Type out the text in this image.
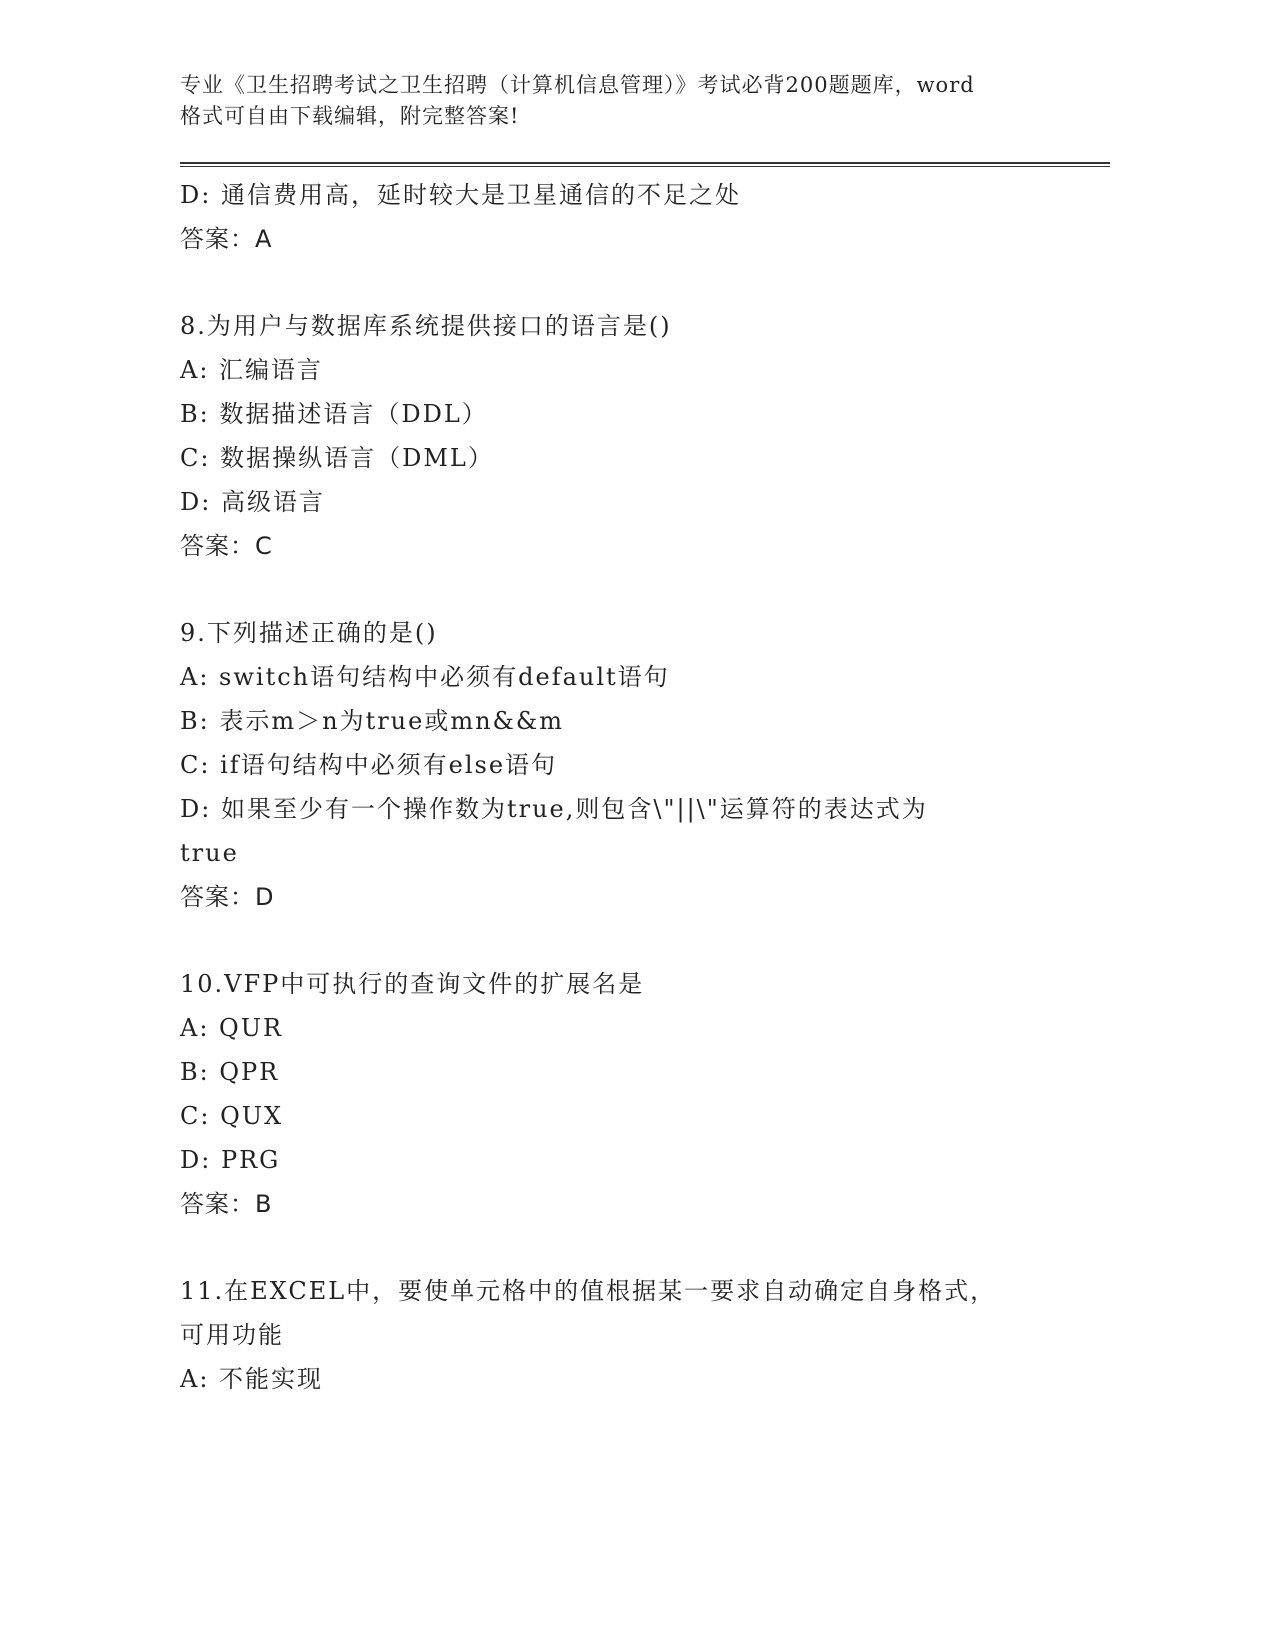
专业《卫生招聘考试之卫生招聘（计算机信息管理）》考试必背200题题库，word
格式可自由下载编辑，附完整答案!
D: 通信费用高，延时较大是卫星通信的不足之处
答案：A
8.为用户与数据库系统提供接口的语言是()
A: 汇编语言
B: 数据描述语言（DDL）
C: 数据操纵语言（DML）
D: 高级语言
答案：C
9.下列描述正确的是()
A: switch语句结构中必须有default语句
B: 表示m＞n为true或mn&&m
C: if语句结构中必须有else语句
D: 如果至少有一个操作数为true,则包含\"||\"运算符的表达式为
true
答案：D
10.VFP中可执行的查询文件的扩展名是
A: QUR
B: QPR
C: QUX
D: PRG
答案：B
11.在EXCEL中，要使单元格中的值根据某一要求自动确定自身格式，
可用功能
A: 不能实现
